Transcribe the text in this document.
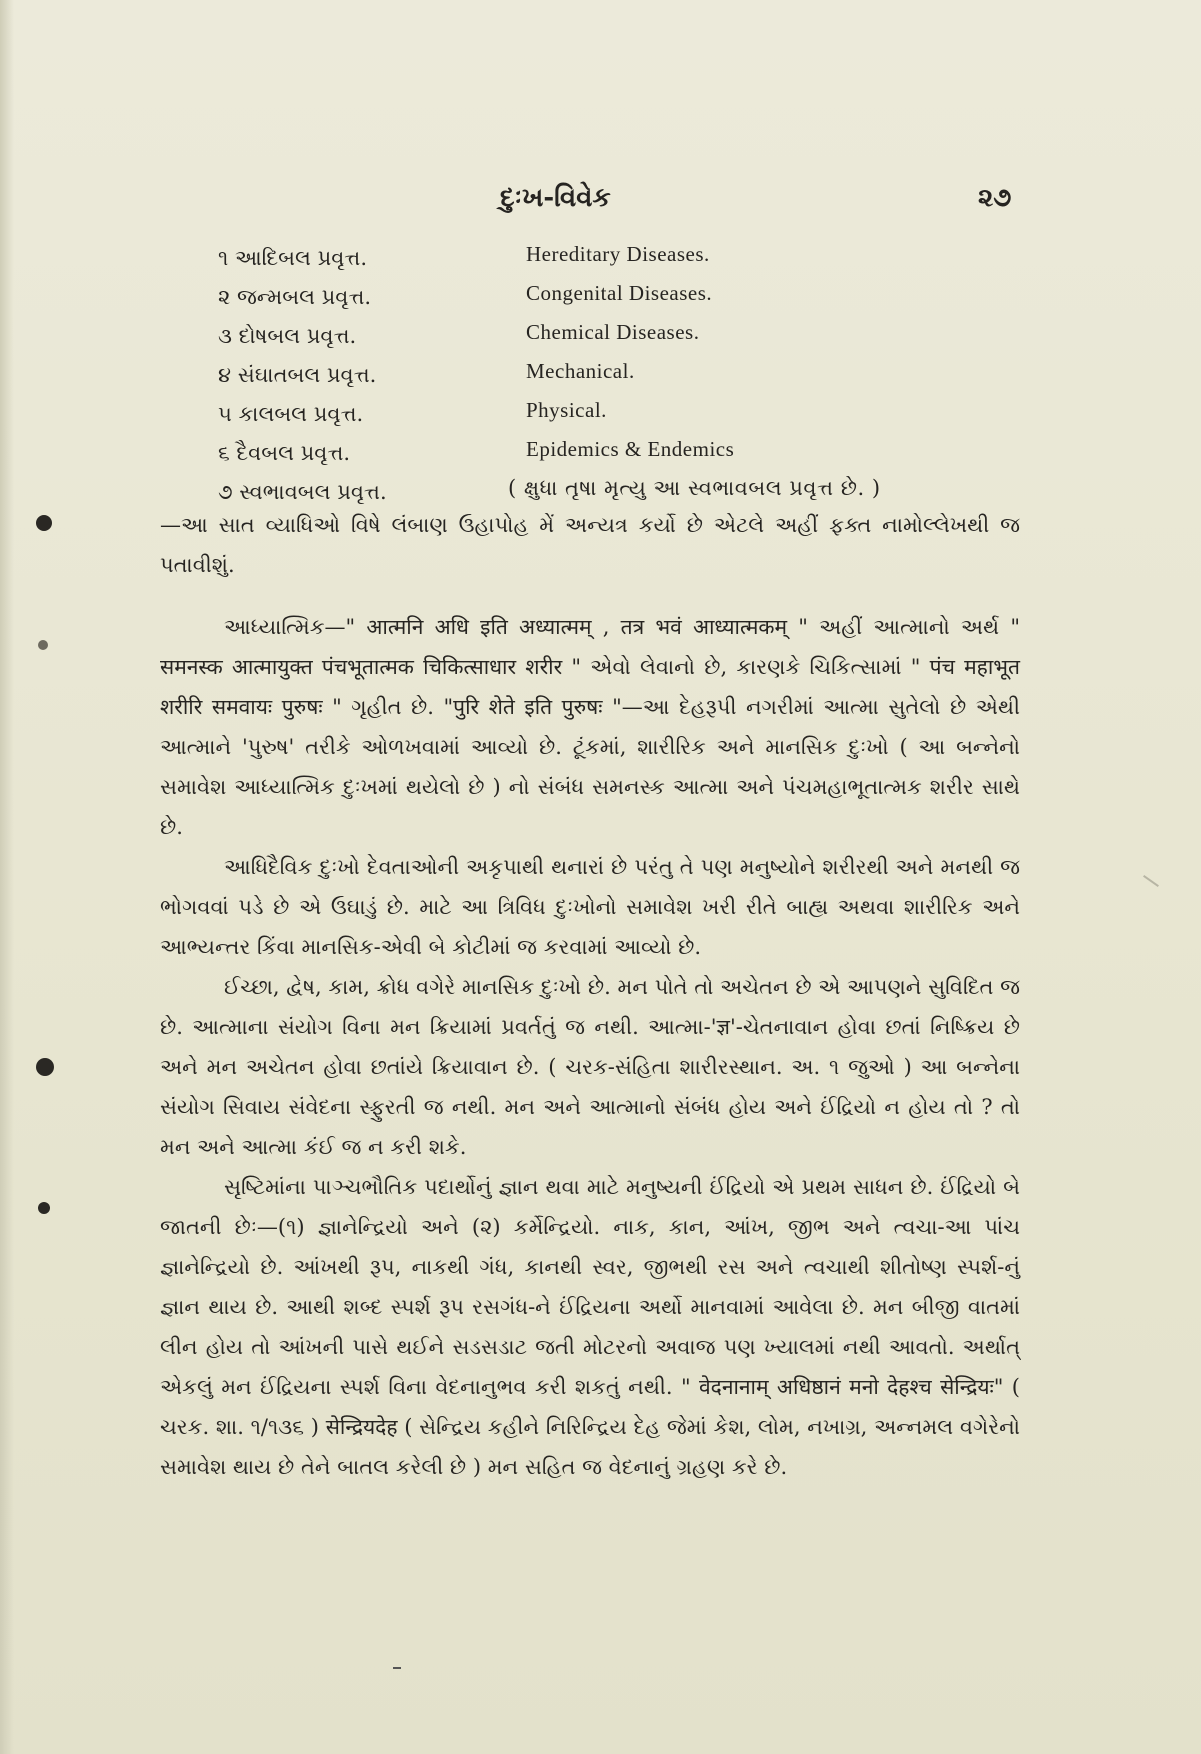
દુઃખ-વિવેક	૨૭
૧ આદિબલ પ્રવૃત્ત.	Hereditary Diseases.
૨ જન્મબલ પ્રવૃત્ત.	Congenital Diseases.
૩ દોષબલ પ્રવૃત્ત.	Chemical Diseases.
૪ સંઘાતબલ પ્રવૃત્ત.	Mechanical.
૫ કાલબલ પ્રવૃત્ત.	Physical.
૬ દૈવબલ પ્રવૃત્ત.	Epidemics & Endemics
૭ સ્વભાવબલ પ્રવૃત્ત.	( ક્ષુધા તૃષા મૃત્યુ આ સ્વભાવબલ પ્રવૃત્ત છે. )

—આ સાત વ્યાધિઓ વિષે લંબાણ ઉહાપોહ મેં અન્યત્ર કર્યો છે એટલે અહીં ફક્ત નામોલ્લેખથી જ પતાવીશું.

આધ્યાત્મિક—" आत्मनि अधि इति अध्यात्मम् , तत्र भवं आध्यात्मकम् " અહીં આત્માનો અર્થ " समनस्क आत्मायुक्त पंचभूतात्मक चिकित्साधार शरीर " એવો લેવાનો છે, કારણકે ચિકિત્સામાં " पंच महाभूत शरीरि समवायः पुरुषः " ગૃહીત છે. "पुरि शेते इति पुरुषः "—આ દેહરૂપી નગરીમાં આત્મા સુતેલો છે એથી આત્માને 'પુરુષ' તરીકે ઓળખવામાં આવ્યો છે. ટૂંકમાં, શારીરિક અને માનસિક દુઃખો ( આ બન્નેનો સમાવેશ આધ્યાત્મિક દુઃખમાં થયેલો છે ) નો સંબંધ સમનસ્ક આત્મા અને પંચમહાભૂતાત્મક શરીર સાથે છે.

આધિદૈવિક દુઃખો દેવતાઓની અકૃપાથી થનારાં છે પરંતુ તે પણ મનુષ્યોને શરીરથી અને મનથી જ ભોગવવાં પડે છે એ ઉઘાડું છે. માટે આ ત્રિવિધ દુઃખોનો સમાવેશ ખરી રીતે બાહ્ય અથવા શારીરિક અને આભ્યન્તર કિંવા માનસિક-એવી બે કોટીમાં જ કરવામાં આવ્યો છે.

ઈચ્છા, દ્વેષ, કામ, ક્રોધ વગેરે માનસિક દુઃખો છે. મન પોતે તો અચેતન છે એ આપણને સુવિદિત જ છે. આત્માના સંયોગ વિના મન ક્રિયામાં પ્રવર્તતું જ નથી. આત્મા-'ज्ञ'-ચેતનાવાન હોવા છતાં નિષ્ક્રિય છે અને મન અચેતન હોવા છતાંયે ક્રિયાવાન છે. ( ચરક-સંહિતા શારીરસ્થાન. અ. ૧ જુઓ ) આ બન્નેના સંયોગ સિવાય સંવેદના સ્ફુરતી જ નથી. મન અને આત્માનો સંબંધ હોય અને ઈંદ્રિયો ન હોય તો ? તો મન અને આત્મા કંઈ જ ન કરી શકે.

સૃષ્ટિમાંના પાઞ્ચભૌતિક પદાર્થોનું જ્ઞાન થવા માટે મનુષ્યની ઈંદ્રિયો એ પ્રથમ સાધન છે. ઈંદ્રિયો બે જાતની છેઃ—(૧) જ્ઞાનેન્દ્રિયો અને (૨) કર્મેન્દ્રિયો. નાક, કાન, આંખ, જીભ અને ત્વચા-આ પાંચ જ્ઞાનેન્દ્રિયો છે. આંખથી રૂપ, નાકથી ગંધ, કાનથી સ્વર, જીભથી રસ અને ત્વચાથી શીતોષ્ણ સ્પર્શ-નું જ્ઞાન થાય છે. આથી શબ્દ સ્પર્શ રૂપ રસગંધ-ને ઈંદ્રિયના અર્થો માનવામાં આવેલા છે. મન બીજી વાતમાં લીન હોય તો આંખની પાસે થઈને સડસડાટ જતી મોટરનો અવાજ પણ ખ્યાલમાં નથી આવતો. અર્થાત્ એકલું મન ઈંદ્રિયના સ્પર્શ વિના વેદનાનુભવ કરી શકતું નથી. " वेदनानाम् अधिष्ठानं मनो देहश्च सेन्द्रियः" ( ચરક. શા. ૧/૧૩૬ ) सेन्द्रियदेह ( સેન્દ્રિય કહીને નિરિન્દ્રિય દેહ જેમાં કેશ, લોમ, નખાગ્ર, અન્નમલ વગેરેનો સમાવેશ થાય છે તેને બાતલ કરેલી છે ) મન સહિત જ વેદનાનું ગ્રહણ કરે છે.
